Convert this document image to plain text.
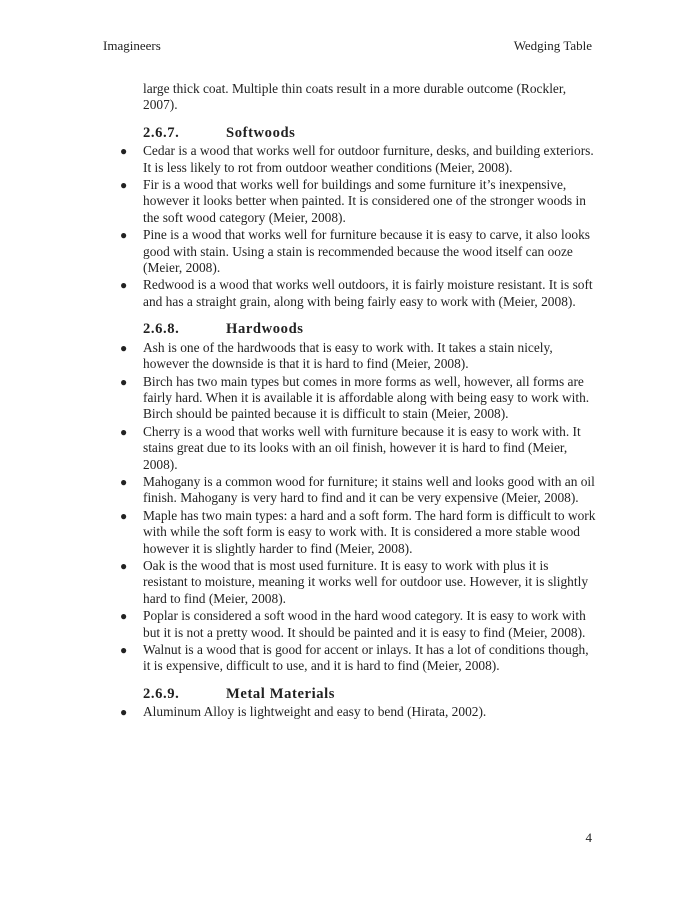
Imagineers	Wedging Table

large thick coat. Multiple thin coats result in a more durable outcome (Rockler, 2007).

2.6.7.	Softwoods
● Cedar is a wood that works well for outdoor furniture, desks, and building exteriors. It is less likely to rot from outdoor weather conditions (Meier, 2008).
● Fir is a wood that works well for buildings and some furniture it’s inexpensive, however it looks better when painted. It is considered one of the stronger woods in the soft wood category (Meier, 2008).
● Pine is a wood that works well for furniture because it is easy to carve, it also looks good with stain. Using a stain is recommended because the wood itself can ooze (Meier, 2008).
● Redwood is a wood that works well outdoors, it is fairly moisture resistant. It is soft and has a straight grain, along with being fairly easy to work with (Meier, 2008).
2.6.8.	Hardwoods
● Ash is one of the hardwoods that is easy to work with. It takes a stain nicely, however the downside is that it is hard to find (Meier, 2008).
● Birch has two main types but comes in more forms as well, however, all forms are fairly hard. When it is available it is affordable along with being easy to work with. Birch should be painted because it is difficult to stain (Meier, 2008).
● Cherry is a wood that works well with furniture because it is easy to work with. It stains great due to its looks with an oil finish, however it is hard to find (Meier, 2008).
● Mahogany is a common wood for furniture; it stains well and looks good with an oil finish. Mahogany is very hard to find and it can be very expensive (Meier, 2008).
● Maple has two main types: a hard and a soft form. The hard form is difficult to work with while the soft form is easy to work with. It is considered a more stable wood however it is slightly harder to find (Meier, 2008).
● Oak is the wood that is most used furniture. It is easy to work with plus it is resistant to moisture, meaning it works well for outdoor use. However, it is slightly hard to find (Meier, 2008).
● Poplar is considered a soft wood in the hard wood category. It is easy to work with but it is not a pretty wood. It should be painted and it is easy to find (Meier, 2008).
● Walnut is a wood that is good for accent or inlays. It has a lot of conditions though, it is expensive, difficult to use, and it is hard to find (Meier, 2008).
2.6.9.	Metal Materials
● Aluminum Alloy is lightweight and easy to bend (Hirata, 2002).
4
